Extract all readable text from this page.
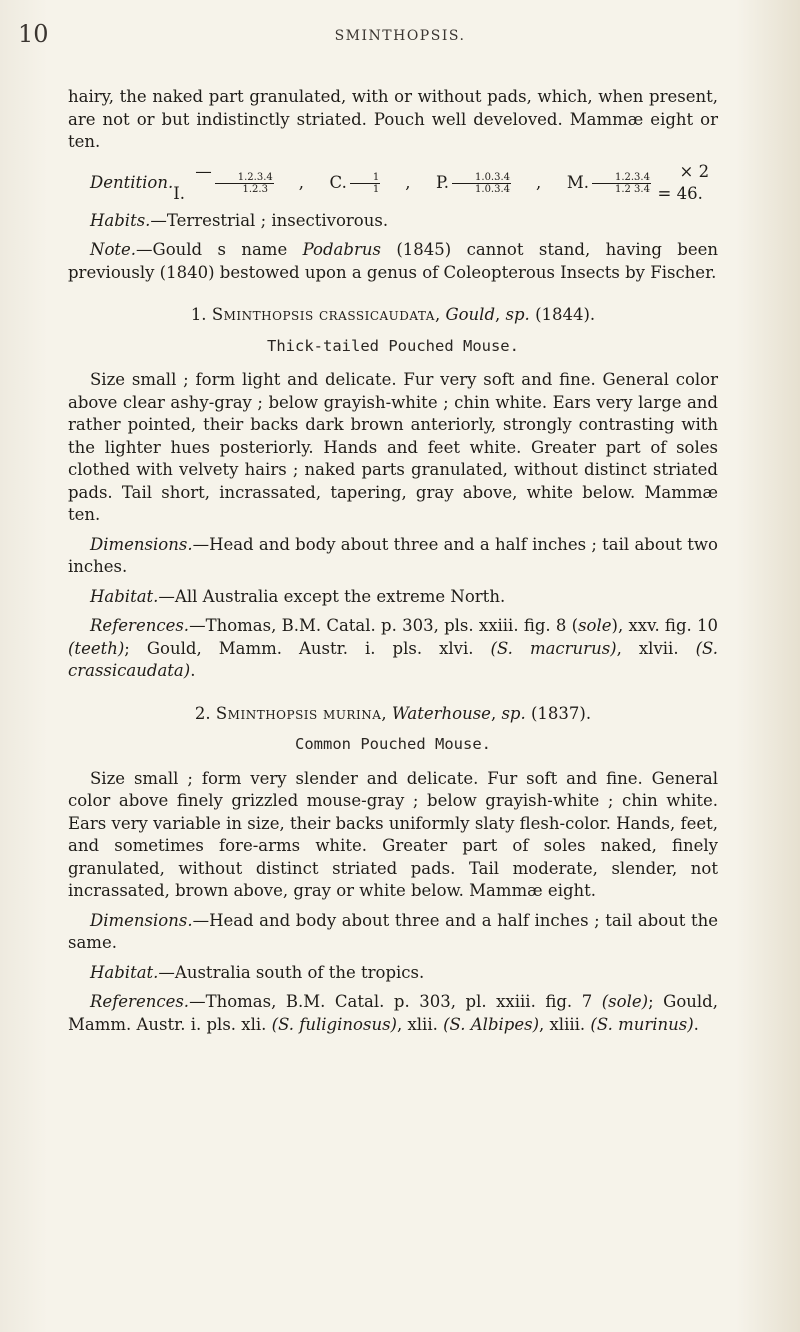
10	SMINTHOPSIS.

hairy, the naked part granulated, with or without pads, which, when present, are not or but indistinctly striated. Pouch well develoved. Mammæ eight or ten.

Dentition.
—I.	$\frac{1.2.3.4}{1.2.3}$	,	C. $\frac{1}{1}$	,	P. $\frac{1.0.3.4}{1.0.3.4}$	,	M. $\frac{1.2.3.4}{1.2 3.4}$
× 2 = 46.

Habits.—Terrestrial ; insectivorous.

Note.—Gould s name Podabrus (1845) cannot stand, having been previously (1840) bestowed upon a genus of Coleopterous Insects by Fischer.

1. Sminthopsis crassicaudata, Gould, sp. (1844).
Thick-tailed Pouched Mouse.

Size small ; form light and delicate. Fur very soft and fine. General color above clear ashy-gray ; below grayish-white ; chin white. Ears very large and rather pointed, their backs dark brown anteriorly, strongly contrasting with the lighter hues posteriorly. Hands and feet white. Greater part of soles clothed with velvety hairs ; naked parts granulated, without distinct striated pads. Tail short, incrassated, tapering, gray above, white below. Mammæ ten.

Dimensions.—Head and body about three and a half inches ; tail about two inches.

Habitat.—All Australia except the extreme North.

References.—Thomas, B.M. Catal. p. 303, pls. xxiii. fig. 8 (sole), xxv. fig. 10 (teeth); Gould, Mamm. Austr. i. pls. xlvi. (S. macrurus), xlvii. (S. crassicaudata).

2. Sminthopsis murina, Waterhouse, sp. (1837).
Common Pouched Mouse.

Size small ; form very slender and delicate. Fur soft and fine. General color above finely grizzled mouse-gray ; below grayish-white ; chin white. Ears very variable in size, their backs uniformly slaty flesh-color. Hands, feet, and sometimes fore-arms white. Greater part of soles naked, finely granulated, without distinct striated pads. Tail moderate, slender, not incrassated, brown above, gray or white below. Mammæ eight.

Dimensions.—Head and body about three and a half inches ; tail about the same.

Habitat.—Australia south of the tropics.

References.—Thomas, B.M. Catal. p. 303, pl. xxiii. fig. 7 (sole); Gould, Mamm. Austr. i. pls. xli. (S. fuliginosus), xlii. (S. Albipes), xliii. (S. murinus).
